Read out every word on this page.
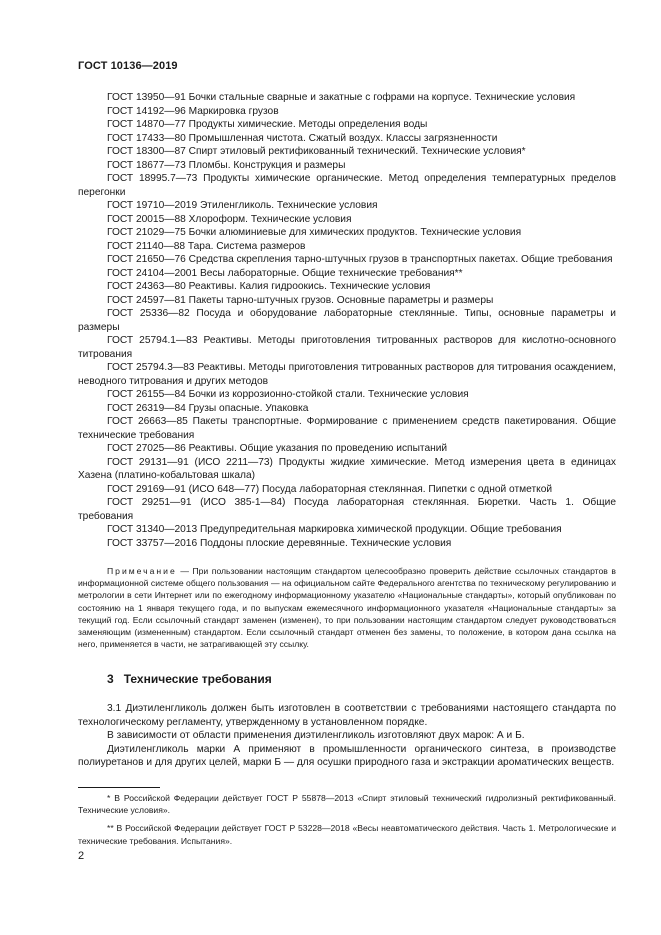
ГОСТ 10136—2019
ГОСТ 13950—91 Бочки стальные сварные и закатные с гофрами на корпусе. Технические условия
ГОСТ 14192—96 Маркировка грузов
ГОСТ 14870—77 Продукты химические. Методы определения воды
ГОСТ 17433—80 Промышленная чистота. Сжатый воздух. Классы загрязненности
ГОСТ 18300—87 Спирт этиловый ректификованный технический. Технические условия*
ГОСТ 18677—73 Пломбы. Конструкция и размеры
ГОСТ 18995.7—73 Продукты химические органические. Метод определения температурных пределов перегонки
ГОСТ 19710—2019 Этиленгликоль. Технические условия
ГОСТ 20015—88 Хлороформ. Технические условия
ГОСТ 21029—75 Бочки алюминиевые для химических продуктов. Технические условия
ГОСТ 21140—88 Тара. Система размеров
ГОСТ 21650—76 Средства скрепления тарно-штучных грузов в транспортных пакетах. Общие требования
ГОСТ 24104—2001 Весы лабораторные. Общие технические требования**
ГОСТ 24363—80 Реактивы. Калия гидроокись. Технические условия
ГОСТ 24597—81 Пакеты тарно-штучных грузов. Основные параметры и размеры
ГОСТ 25336—82 Посуда и оборудование лабораторные стеклянные. Типы, основные параметры и размеры
ГОСТ 25794.1—83 Реактивы. Методы приготовления титрованных растворов для кислотно-основного титрования
ГОСТ 25794.3—83 Реактивы. Методы приготовления титрованных растворов для титрования осаждением, неводного титрования и других методов
ГОСТ 26155—84 Бочки из коррозионно-стойкой стали. Технические условия
ГОСТ 26319—84 Грузы опасные. Упаковка
ГОСТ 26663—85 Пакеты транспортные. Формирование с применением средств пакетирования. Общие технические требования
ГОСТ 27025—86 Реактивы. Общие указания по проведению испытаний
ГОСТ 29131—91 (ИСО 2211—73) Продукты жидкие химические. Метод измерения цвета в единицах Хазена (платино-кобальтовая шкала)
ГОСТ 29169—91 (ИСО 648—77) Посуда лабораторная стеклянная. Пипетки с одной отметкой
ГОСТ 29251—91 (ИСО 385-1—84) Посуда лабораторная стеклянная. Бюретки. Часть 1. Общие требования
ГОСТ 31340—2013 Предупредительная маркировка химической продукции. Общие требования
ГОСТ 33757—2016 Поддоны плоские деревянные. Технические условия
Примечание — При пользовании настоящим стандартом целесообразно проверить действие ссылочных стандартов в информационной системе общего пользования — на официальном сайте Федерального агентства по техническому регулированию и метрологии в сети Интернет или по ежегодному информационному указателю «Национальные стандарты», который опубликован по состоянию на 1 января текущего года, и по выпускам ежемесячного информационного указателя «Национальные стандарты» за текущий год. Если ссылочный стандарт заменен (изменен), то при пользовании настоящим стандартом следует руководствоваться заменяющим (измененным) стандартом. Если ссылочный стандарт отменен без замены, то положение, в котором дана ссылка на него, применяется в части, не затрагивающей эту ссылку.
3 Технические требования
3.1 Диэтиленгликоль должен быть изготовлен в соответствии с требованиями настоящего стандарта по технологическому регламенту, утвержденному в установленном порядке.
В зависимости от области применения диэтиленгликоль изготовляют двух марок: А и Б.
Диэтиленгликоль марки А применяют в промышленности органического синтеза, в производстве полиуретанов и для других целей, марки Б — для осушки природного газа и экстракции ароматических веществ.
* В Российской Федерации действует ГОСТ Р 55878—2013 «Спирт этиловый технический гидролизный ректификованный. Технические условия».
** В Российской Федерации действует ГОСТ Р 53228—2018 «Весы неавтоматического действия. Часть 1. Метрологические и технические требования. Испытания».
2
